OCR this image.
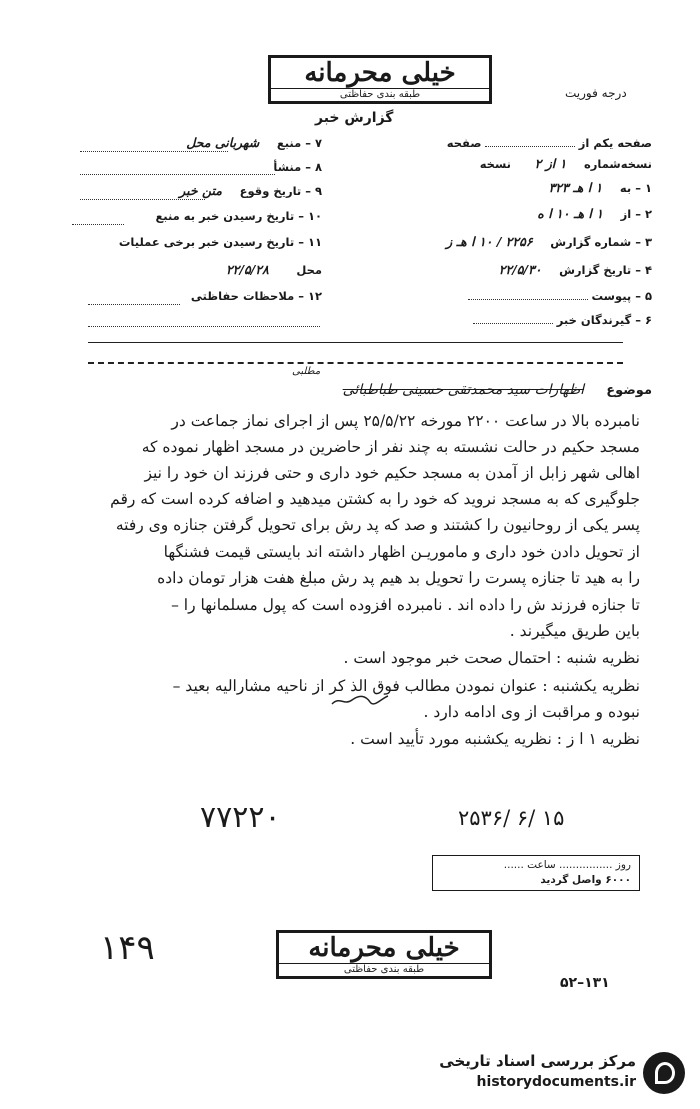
خیلی محرمانه
طبقه بندی حفاظتی	درجه فوریت
گزارش خبر
صفحه یکم از  صفحه
نسخه‌شماره ۱ از ۲ نسخه
۱ – به ۱ ا هـ ۳۲۳
۲ – از ۱ ا هـ ۱۰ ا ه
۳ – شماره گزارش ۲۲۵۶ / ۱۰ ا هـ ز
۴ – تاریخ گزارش ۲۲/۵/۳۰
۵ – پیوست
۶ – گیرندگان خبر
۷ – منبع شهربانی محل
۸ – منشأ
۹ – تاریخ وقوع متن خبر
۱۰ – تاریخ رسیدن خبر به منبع
۱۱ – تاریخ رسیدن خبر برخی عملیات
محل ۲۲/۵/۲۸
۱۲ – ملاحظات حفاظتی
مطلبی
موضوع اظهارات سید محمدتقی حسینی طباطبائی
نامبرده بالا در ساعت ۲۲۰۰ مورخه ۲۵/۵/۲۲ پس از اجرای نماز جماعت در
مسجد حکیم در حالت نشسته به چند نفر از حاضرین در مسجد اظهار نموده که
اهالی شهر زابل از آمدن به مسجد حکیم خود داری و حتی فرزند ان خود را نیز
جلوگیری که به مسجد نروید که خود را به کشتن میدهید و اضافه کرده است که رقم
پسر یکی از روحانیون را کشتند و صد که پد رش برای تحویل گرفتن جنازه وی رفته
از تحویل دادن خود داری و ماموریـن اظهار داشته اند بایستی قیمت فشنگها
را به هید تا جنازه پسرت را تحویل بد هیم پد رش مبلغ هفت هزار تومان داده
تا جنازه فرزند ش را داده اند . نامبرده افزوده است که پول مسلمانها را –
باین طریق میگیرند .
نظریه شنبه : احتمال صحت خبر موجود است .
نظریه یکشنبه : عنوان نمودن مطالب فوق الذ کر از ناحیه مشارالیه بعید –
نبوده و مراقبت از وی ادامه دارد .
نظریه ۱ ا ز : نظریه یکشنبه مورد تأیید است .
۷۷۲۲۰	۲۵۳۶/ ۶/ ۱۵
روز ................ ساعت ......
۶۰۰۰ واصل گردید
۱۴۹	خیلی محرمانه
طبقه بندی حفاظتی
۵۲–۱۳۱
مرکز بررسی اسناد تاریخی
historydocuments.ir
